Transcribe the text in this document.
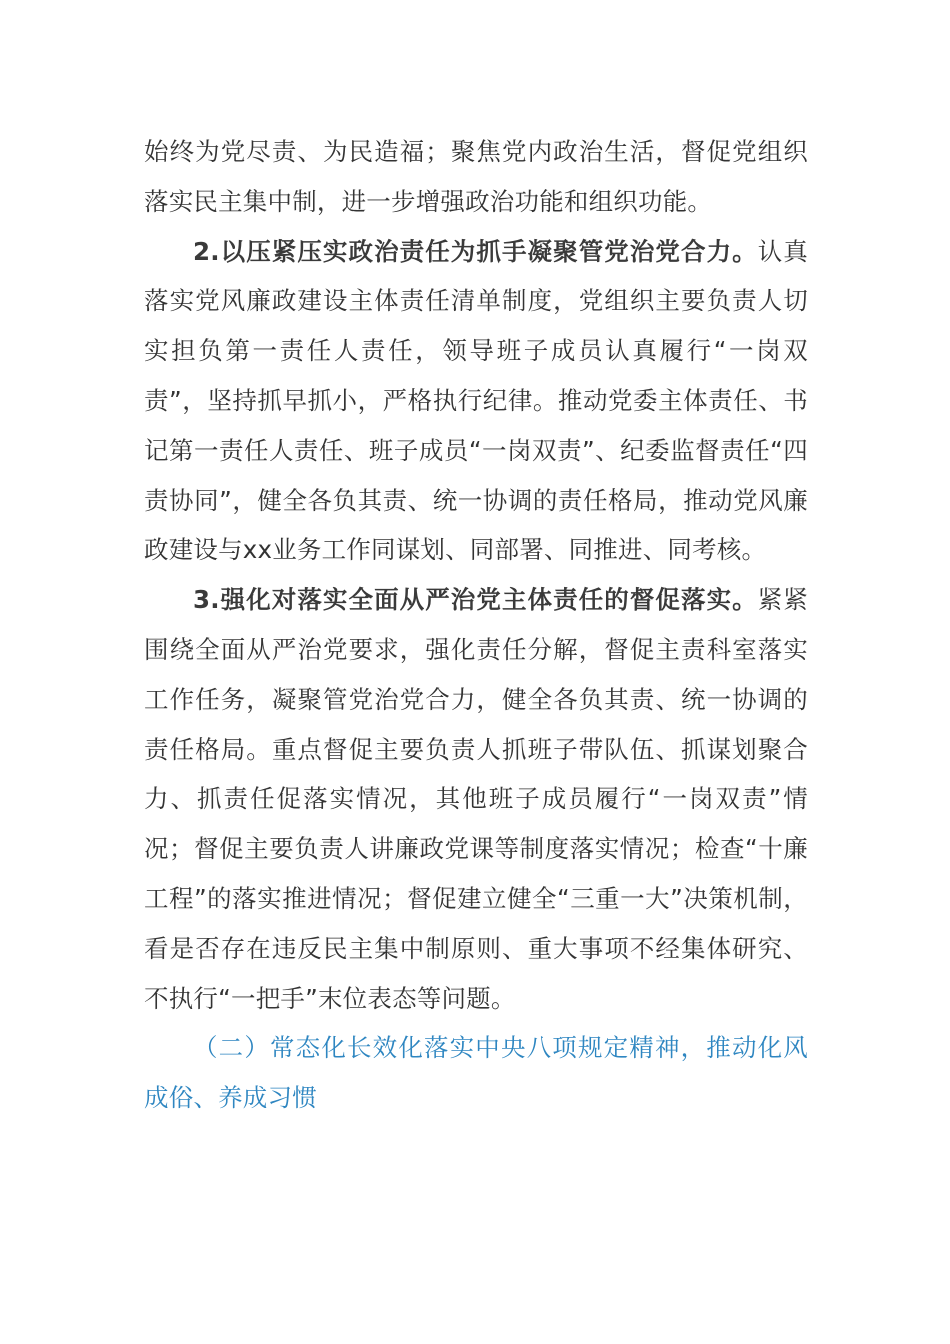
始终为党尽责、为民造福；聚焦党内政治生活，督促党组织落实民主集中制，进一步增强政治功能和组织功能。

2.以压紧压实政治责任为抓手凝聚管党治党合力。认真落实党风廉政建设主体责任清单制度，党组织主要负责人切实担负第一责任人责任，领导班子成员认真履行“一岗双责”，坚持抓早抓小，严格执行纪律。推动党委主体责任、书记第一责任人责任、班子成员“一岗双责”、纪委监督责任“四责协同”，健全各负其责、统一协调的责任格局，推动党风廉政建设与xx业务工作同谋划、同部署、同推进、同考核。

3.强化对落实全面从严治党主体责任的督促落实。紧紧围绕全面从严治党要求，强化责任分解，督促主责科室落实工作任务，凝聚管党治党合力，健全各负其责、统一协调的责任格局。重点督促主要负责人抓班子带队伍、抓谋划聚合力、抓责任促落实情况，其他班子成员履行“一岗双责”情况；督促主要负责人讲廉政党课等制度落实情况；检查“十廉工程”的落实推进情况；督促建立健全“三重一大”决策机制，看是否存在违反民主集中制原则、重大事项不经集体研究、不执行“一把手”末位表态等问题。

（二）常态化长效化落实中央八项规定精神，推动化风成俗、养成习惯
